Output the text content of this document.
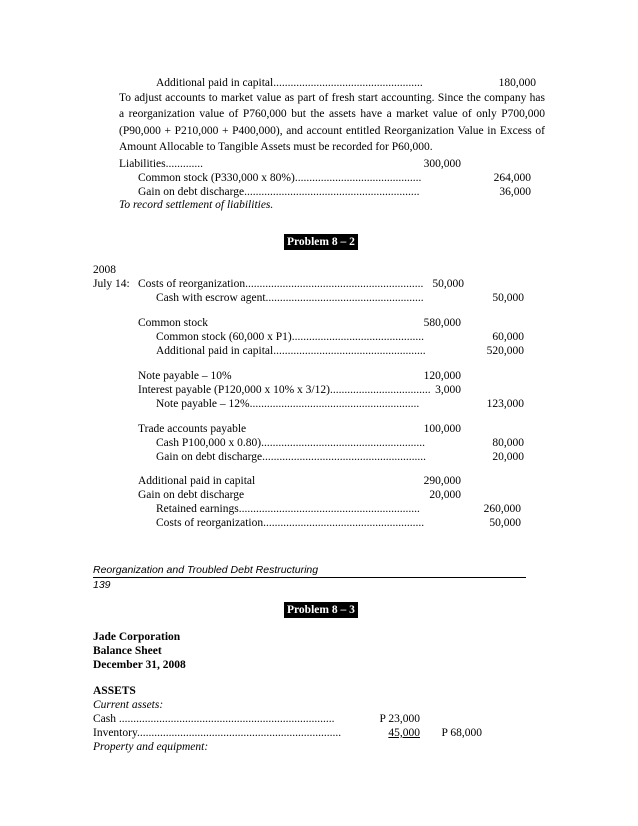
Additional paid in capital....................................................	180,000
To adjust accounts to market value as part of fresh start accounting. Since the company has a reorganization value of P760,000 but the assets have a market value of only P700,000 (P90,000 + P210,000 + P400,000), and account entitled Reorganization Value in Excess of Amount Allocable to Tangible Assets must be recorded for P60,000.
Liabilities.............	300,000
Common stock (P330,000 x 80%)............................................	264,000
Gain on debt discharge.............................................................	36,000
To record settlement of liabilities.
Problem 8 – 2
2008
July 14: Costs of reorganization.............................................................. 50,000
Cash with escrow agent.......................................................	50,000
Common stock	580,000
Common stock (60,000 x P1)..............................................	60,000
Additional paid in capital.....................................................	520,000
Note payable – 10%	120,000
Interest payable (P120,000 x 10% x 3/12)................................... 3,000
Note payable – 12%...........................................................	123,000
Trade accounts payable	100,000
Cash P100,000 x 0.80).........................................................	80,000
Gain on debt discharge.........................................................	20,000
Additional paid in capital	290,000
Gain on debt discharge	20,000
Retained earnings...............................................................	260,000
Costs of reorganization........................................................	50,000
Reorganization and Troubled Debt Restructuring
139
Problem 8 – 3
Jade Corporation
Balance Sheet
December 31, 2008
ASSETS
Current assets:
Cash ...........................................................................	P 23,000
Inventory.......................................................................	45,000 P 68,000
Property and equipment:
